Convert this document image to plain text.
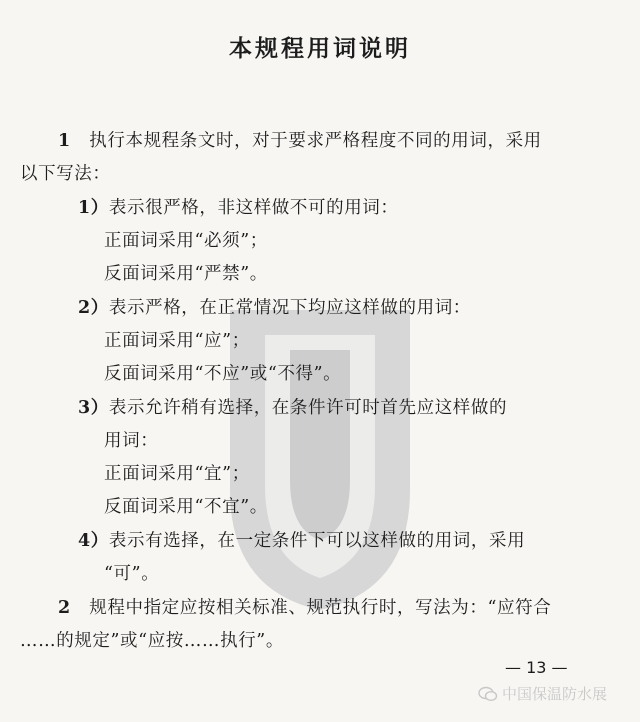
本规程用词说明
1 执行本规程条文时，对于要求严格程度不同的用词，采用
以下写法：
1）表示很严格，非这样做不可的用词：
正面词采用“必须”；
反面词采用“严禁”。
2）表示严格，在正常情况下均应这样做的用词：
正面词采用“应”；
反面词采用“不应”或“不得”。
3）表示允许稍有选择，在条件许可时首先应这样做的
用词：
正面词采用“宜”；
反面词采用“不宜”。
4）表示有选择，在一定条件下可以这样做的用词，采用
“可”。
2 规程中指定应按相关标准、规范执行时，写法为：“应符合
……的规定”或“应按……执行”。
— 13 —
中国保温防水展
